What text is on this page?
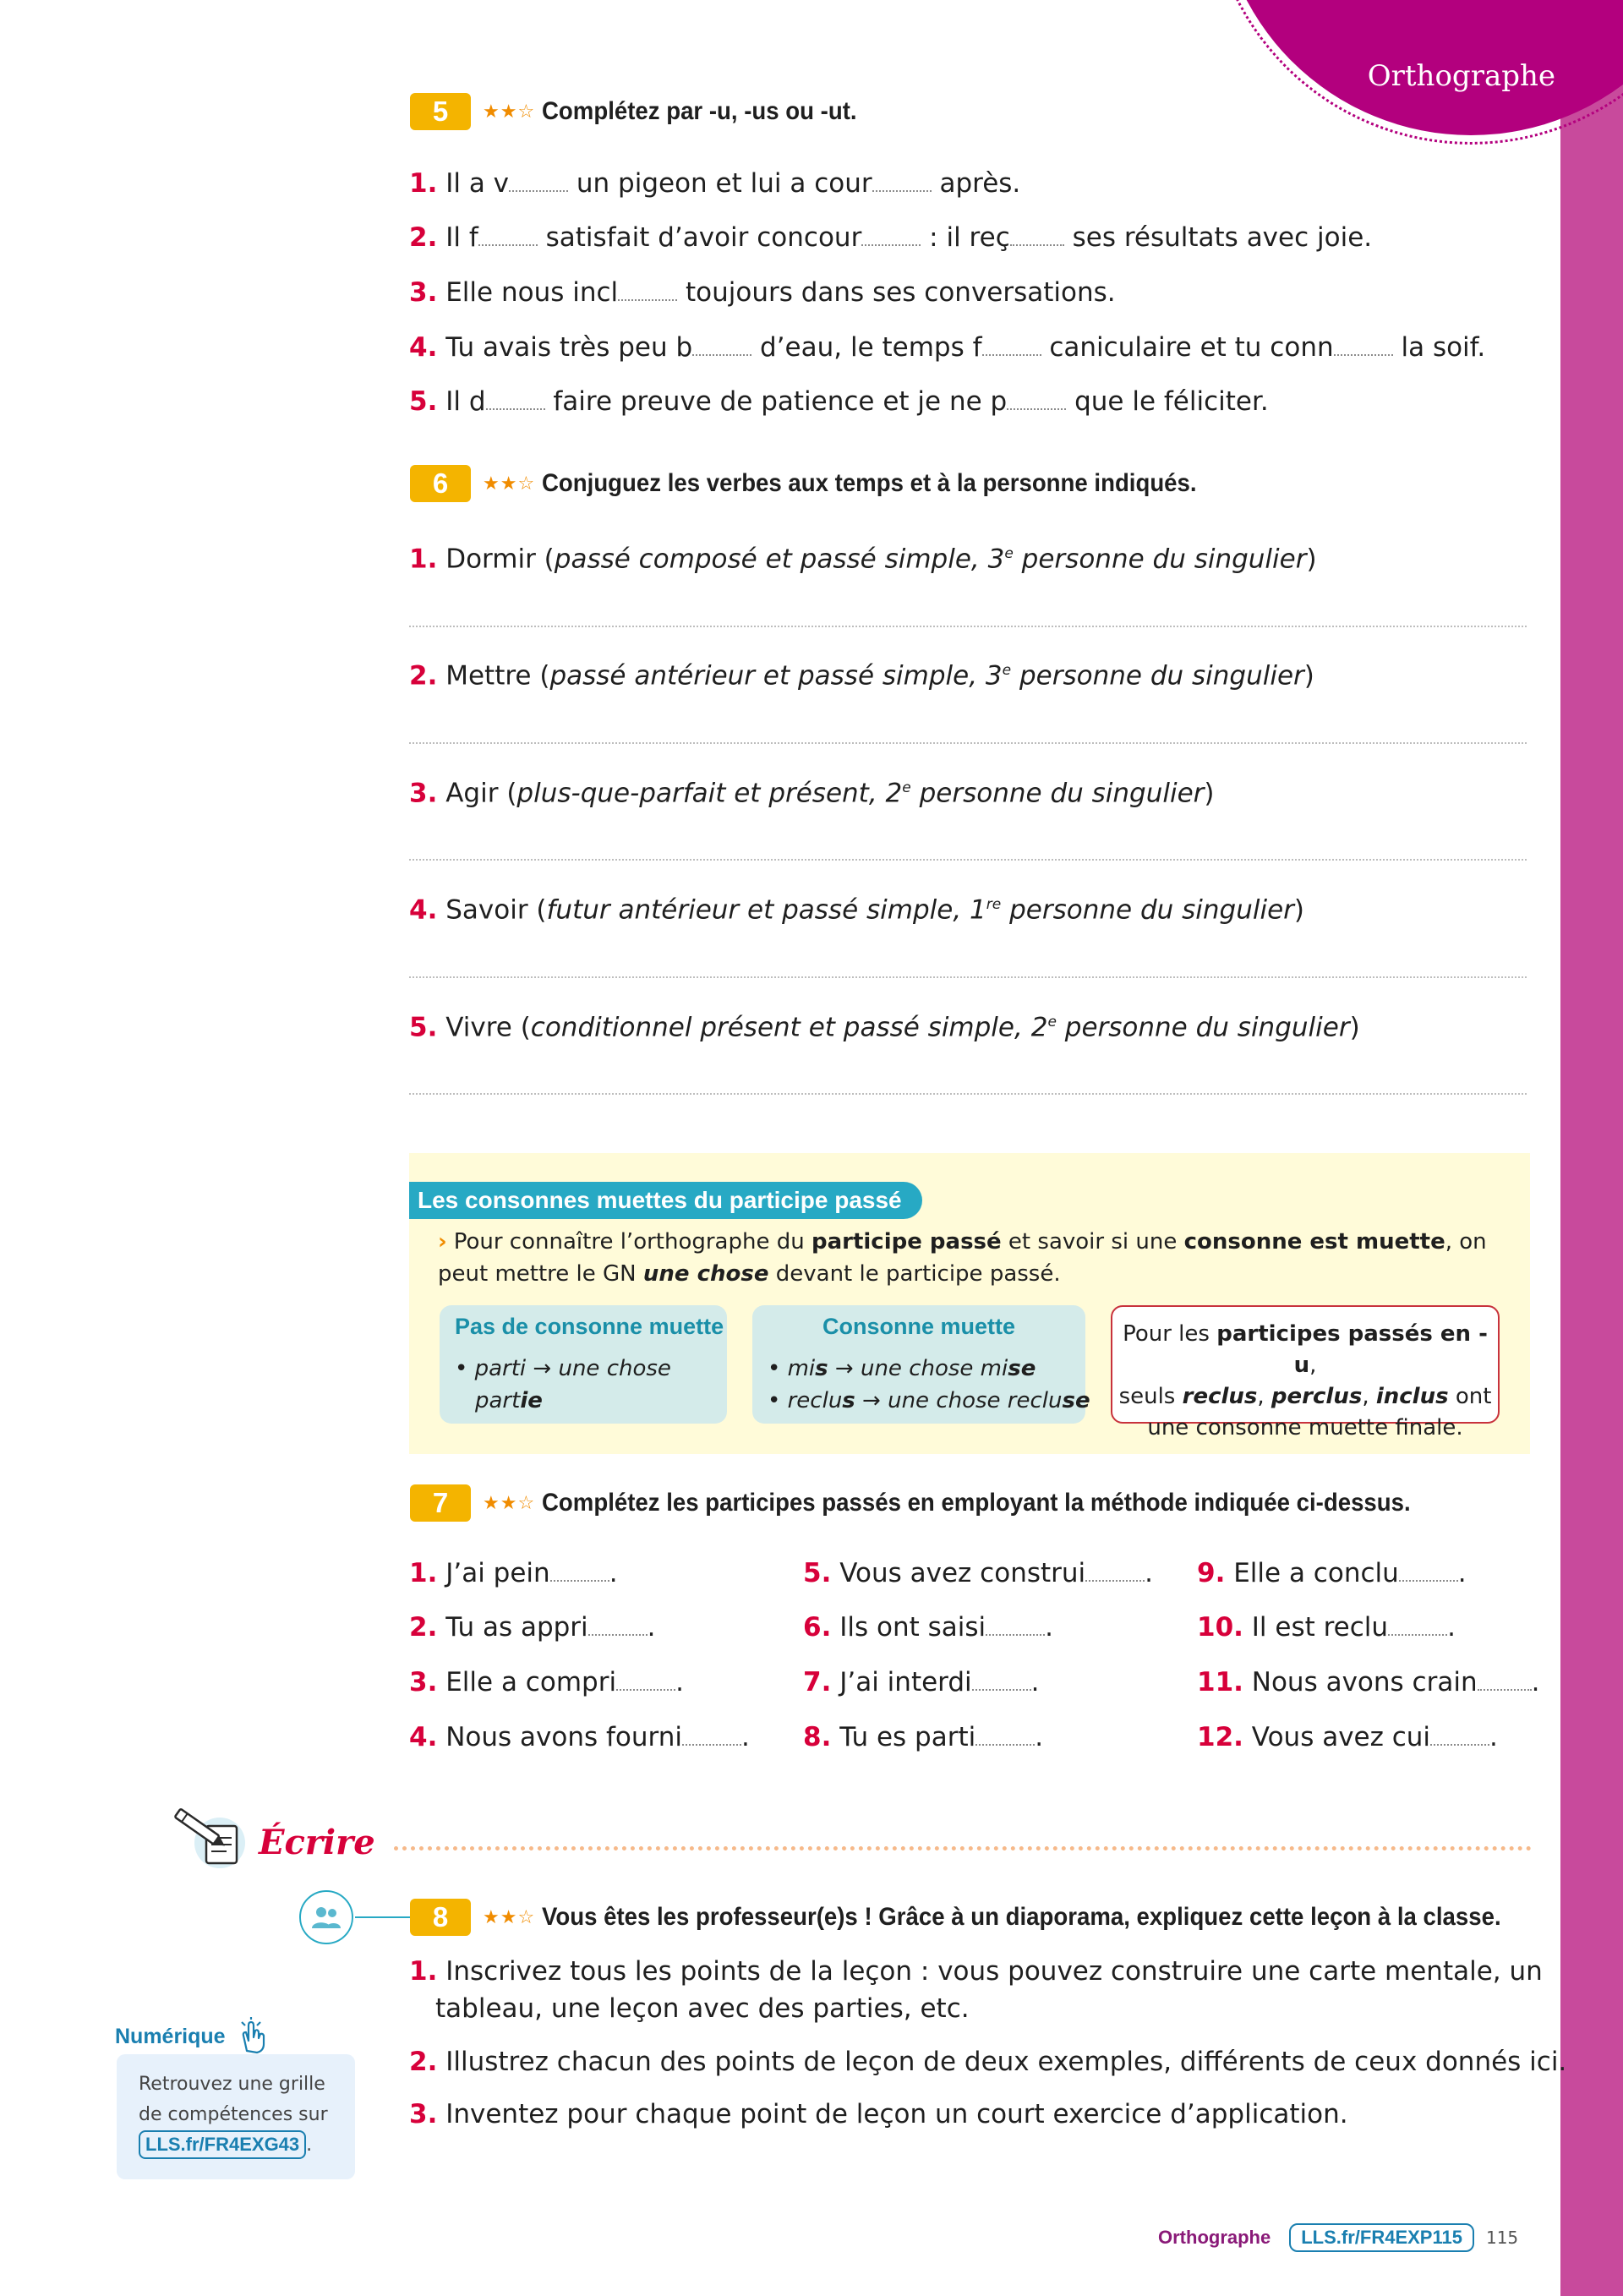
Orthographe
5	★★☆ Complétez par -u, -us ou -ut.
1. Il a v un pigeon et lui a cour après.
2. Il f satisfait d’avoir concour : il reç ses résultats avec joie.
3. Elle nous incl toujours dans ses conversations.
4. Tu avais très peu b d’eau, le temps f caniculaire et tu conn la soif.
5. Il d faire preuve de patience et je ne p que le féliciter.
6	★★☆ Conjuguez les verbes aux temps et à la personne indiqués.
1. Dormir (passé composé et passé simple, 3e personne du singulier)
2. Mettre (passé antérieur et passé simple, 3e personne du singulier)
3. Agir (plus-que-parfait et présent, 2e personne du singulier)
4. Savoir (futur antérieur et passé simple, 1re personne du singulier)
5. Vivre (conditionnel présent et passé simple, 2e personne du singulier)
Les consonnes muettes du participe passé
› Pour connaître l’orthographe du participe passé et savoir si une consonne est muette, on peut mettre le GN une chose devant le participe passé.
Pas de consonne muette
• parti → une chose
partie
Consonne muette
• mis → une chose mise
• reclus → une chose recluse
Pour les participes passés en -u,
seuls reclus, perclus, inclus ont
une consonne muette finale.
7	★★☆ Complétez les participes passés en employant la méthode indiquée ci-dessus.
1. J’ai pein .
2. Tu as appri .
3. Elle a compri .
4. Nous avons fourni .
5. Vous avez construi .
6. Ils ont saisi .
7. J’ai interdi .
8. Tu es parti .
9. Elle a conclu .
10. Il est reclu .
11. Nous avons crain .
12. Vous avez cui .
Écrire
8	★★☆ Vous êtes les professeur(e)s ! Grâce à un diaporama, expliquez cette leçon à la classe.
1. Inscrivez tous les points de la leçon : vous pouvez construire une carte mentale, un
tableau, une leçon avec des parties, etc.
2. Illustrez chacun des points de leçon de deux exemples, différents de ceux donnés ici.
3. Inventez pour chaque point de leçon un court exercice d’application.
Numérique
Retrouvez une grille
de compétences sur
LLS.fr/FR4EXG43 .
Orthographe	LLS.fr/FR4EXP115	115
